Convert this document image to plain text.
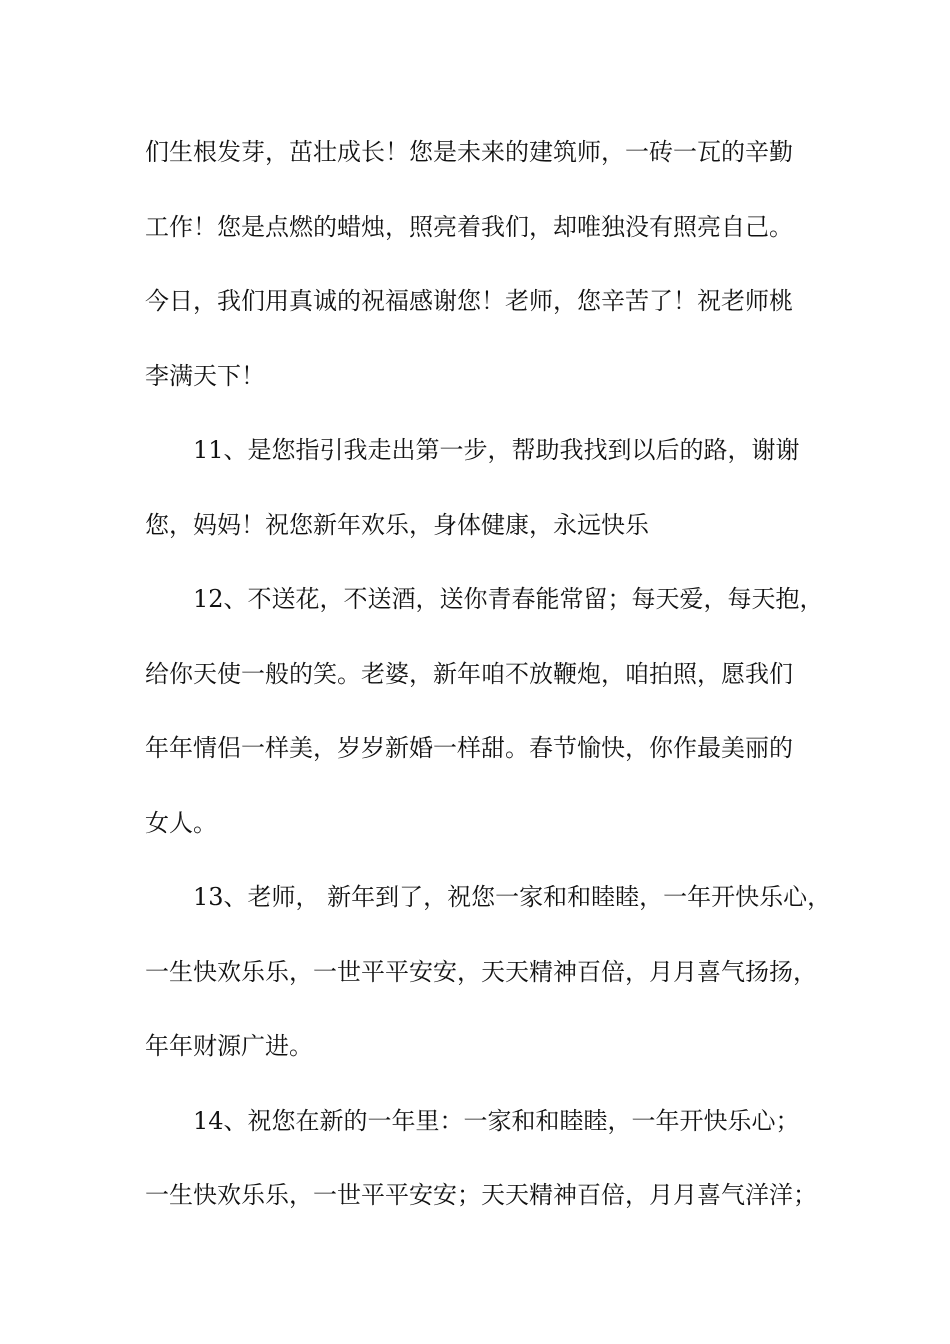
们生根发芽，茁壮成长！您是未来的建筑师，一砖一瓦的辛勤

工作！您是点燃的蜡烛，照亮着我们，却唯独没有照亮自己。

今日，我们用真诚的祝福感谢您！老师，您辛苦了！祝老师桃

李满天下！

11、是您指引我走出第一步，帮助我找到以后的路，谢谢

您，妈妈！祝您新年欢乐，身体健康，永远快乐

12、不送花，不送酒，送你青春能常留；每天爱，每天抱，

给你天使一般的笑。老婆，新年咱不放鞭炮，咱拍照，愿我们

年年情侣一样美，岁岁新婚一样甜。春节愉快，你作最美丽的

女人。

13、老师， 新年到了，祝您一家和和睦睦，一年开快乐心，

一生快欢乐乐，一世平平安安，天天精神百倍，月月喜气扬扬，

年年财源广进。

14、祝您在新的一年里：一家和和睦睦，一年开快乐心；

一生快欢乐乐，一世平平安安；天天精神百倍，月月喜气洋洋；
